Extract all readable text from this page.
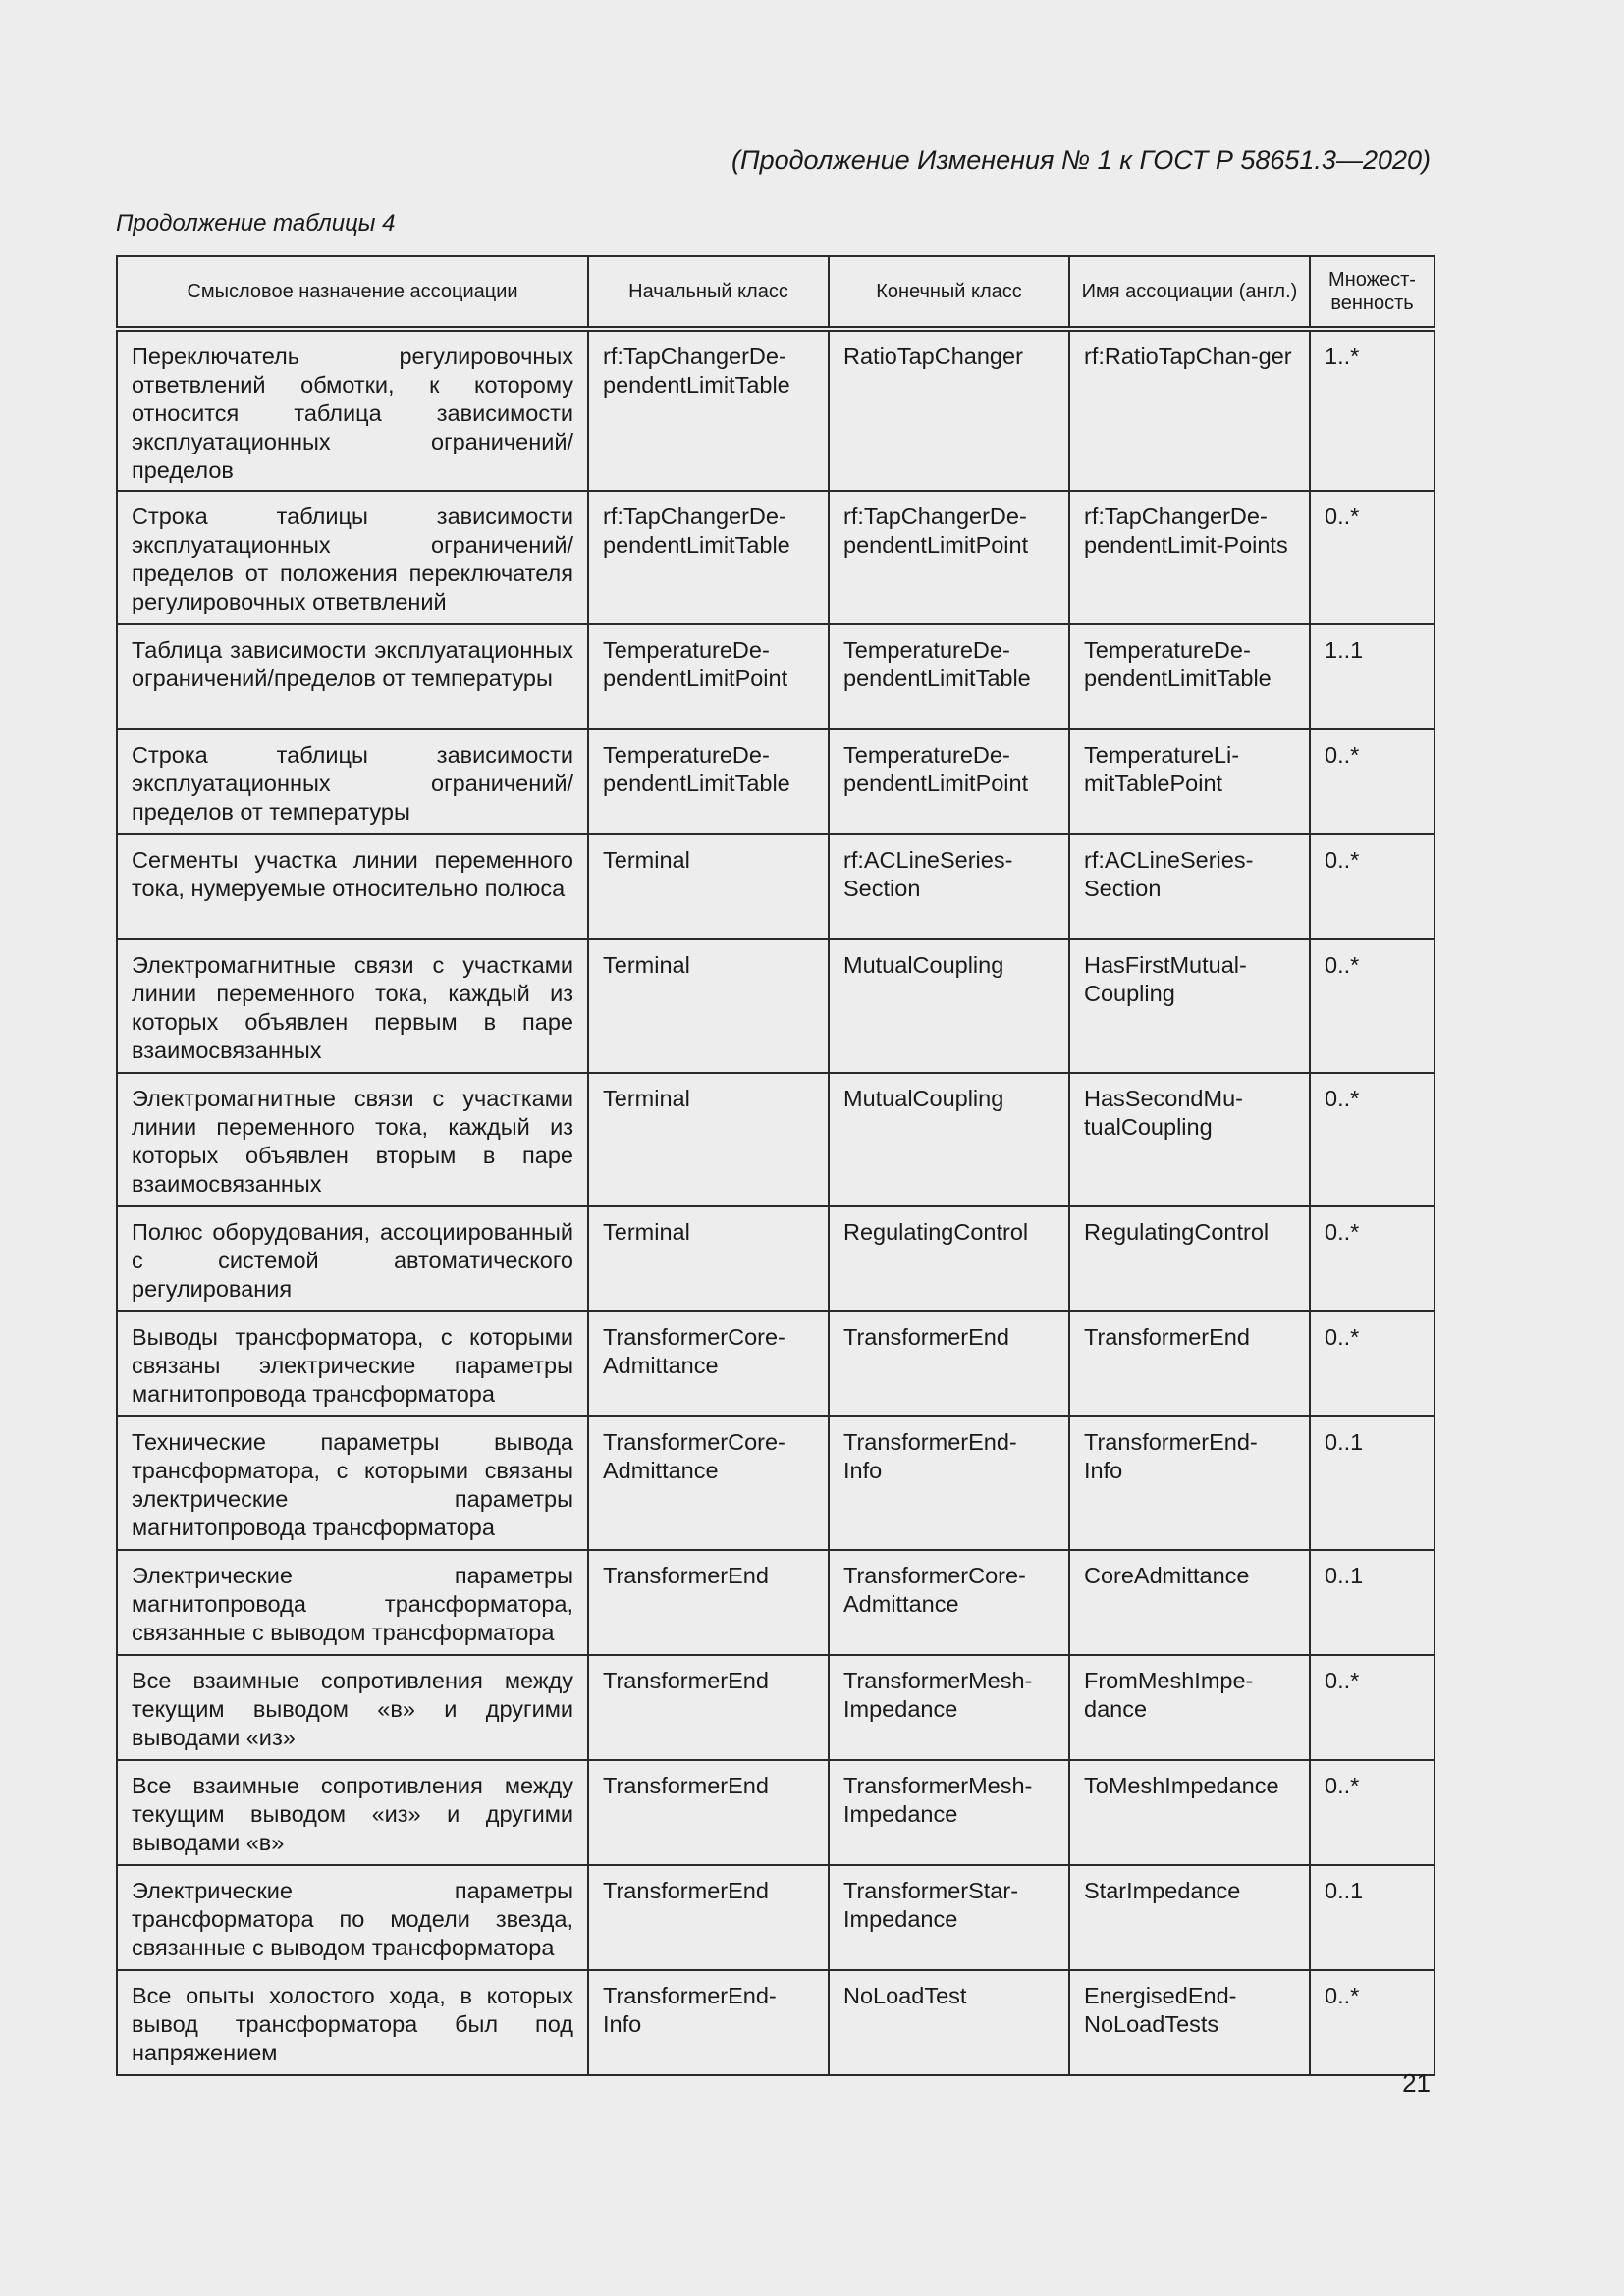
(Продолжение Изменения № 1 к ГОСТ Р 58651.3—2020)
Продолжение таблицы 4
Смысловое назначение ассоциации	Начальный класс	Конечный класс	Имя ассоциации (англ.)	Множест-венность
Переключатель регулировочных ответвлений обмотки, к которому относится таблица зависимости эксплуатационных ограничений/пределов	rf:TapChangerDe-pendentLimitTable	RatioTapChanger	rf:RatioTapChan-ger	1..*
Строка таблицы зависимости эксплуатационных ограничений/пределов от положения переключателя регулировочных ответвлений	rf:TapChangerDe-pendentLimitTable	rf:TapChangerDe-pendentLimitPoint	rf:TapChangerDe-pendentLimit-Points	0..*
Таблица зависимости эксплуатационных ограничений/пределов от температуры	TemperatureDe-pendentLimitPoint	TemperatureDe-pendentLimitTable	TemperatureDe-pendentLimitTable	1..1
Строка таблицы зависимости эксплуатационных ограничений/пределов от температуры	TemperatureDe-pendentLimitTable	TemperatureDe-pendentLimitPoint	TemperatureLi-mitTablePoint	0..*
Сегменты участка линии переменного тока, нумеруемые относительно полюса	Terminal	rf:ACLineSeries-Section	rf:ACLineSeries-Section	0..*
Электромагнитные связи с участками линии переменного тока, каждый из которых объявлен первым в паре взаимосвязанных	Terminal	MutualCoupling	HasFirstMutual-Coupling	0..*
Электромагнитные связи с участками линии переменного тока, каждый из которых объявлен вторым в паре взаимосвязанных	Terminal	MutualCoupling	HasSecondMu-tualCoupling	0..*
Полюс оборудования, ассоциированный с системой автоматического регулирования	Terminal	RegulatingControl	RegulatingControl	0..*
Выводы трансформатора, с которыми связаны электрические параметры магнитопровода трансформатора	TransformerCore-Admittance	TransformerEnd	TransformerEnd	0..*
Технические параметры вывода трансформатора, с которыми связаны электрические параметры магнитопровода трансформатора	TransformerCore-Admittance	TransformerEnd-Info	TransformerEnd-Info	0..1
Электрические параметры магнитопровода трансформатора, связанные с выводом трансформатора	TransformerEnd	TransformerCore-Admittance	CoreAdmittance	0..1
Все взаимные сопротивления между текущим выводом «в» и другими выводами «из»	TransformerEnd	TransformerMesh-Impedance	FromMeshImpe-dance	0..*
Все взаимные сопротивления между текущим выводом «из» и другими выводами «в»	TransformerEnd	TransformerMesh-Impedance	ToMeshImpedance	0..*
Электрические параметры трансформатора по модели звезда, связанные с выводом трансформатора	TransformerEnd	TransformerStar-Impedance	StarImpedance	0..1
Все опыты холостого хода, в которых вывод трансформатора был под напряжением	TransformerEnd-Info	NoLoadTest	EnergisedEnd-NoLoadTests	0..*
21
